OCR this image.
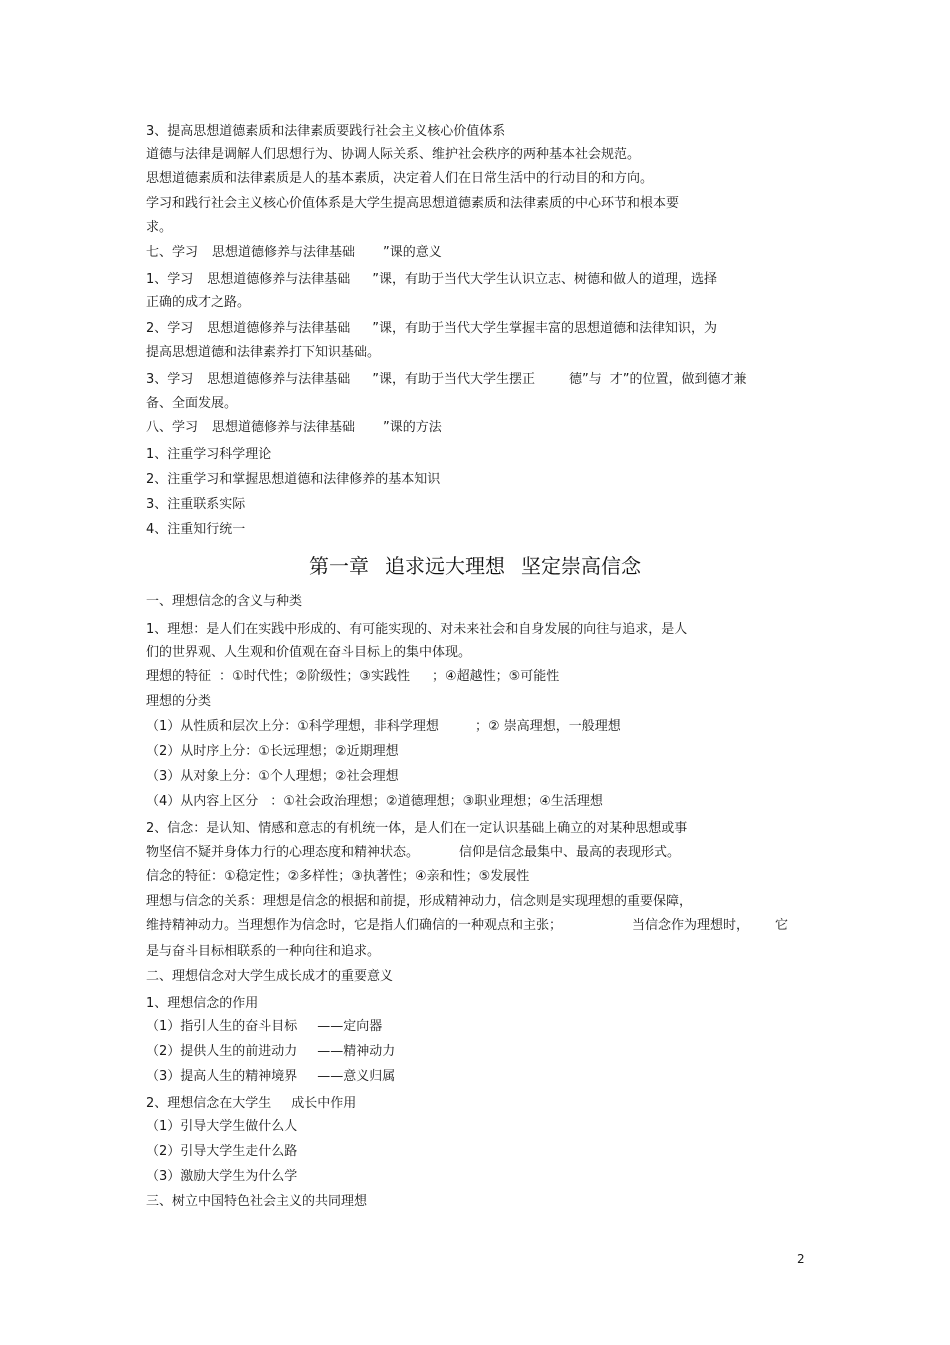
3、提高思想道德素质和法律素质要践行社会主义核心价值体系
道德与法律是调解人们思想行为、协调人际关系、维护社会秩序的两种基本社会规范。
思想道德素质和法律素质是人的基本素质，决定着人们在日常生活中的行动目的和方向。
学习和践行社会主义核心价值体系是大学生提高思想道德素质和法律素质的中心环节和根本要
求。
七、学习 思想道德修养与法律基础 ”课的意义
1、学习 思想道德修养与法律基础 ”课，有助于当代大学生认识立志、树德和做人的道理，选择
正确的成才之路。
2、学习 思想道德修养与法律基础 ”课，有助于当代大学生掌握丰富的思想道德和法律知识，为
提高思想道德和法律素养打下知识基础。
3、学习 思想道德修养与法律基础 ”课，有助于当代大学生摆正	德”与 才”的位置，做到德才兼
备、全面发展。
八、学习 思想道德修养与法律基础 ”课的方法
1、注重学习科学理论
2、注重学习和掌握思想道德和法律修养的基本知识
3、注重联系实际
4、注重知行统一
第一章 追求远大理想 坚定崇高信念
一、理想信念的含义与种类
1、理想：是人们在实践中形成的、有可能实现的、对未来社会和自身发展的向往与追求，是人
们的世界观、人生观和价值观在奋斗目标上的集中体现。
理想的特征 ：①时代性；②阶级性；③实践性 ；④超越性；⑤可能性
理想的分类
（1）从性质和层次上分：①科学理想，非科学理想	；② 崇高理想，一般理想
（2）从时序上分：①长远理想；②近期理想
（3）从对象上分：①个人理想；②社会理想
（4）从内容上区分 ：①社会政治理想；②道德理想；③职业理想；④生活理想
2、信念：是认知、情感和意志的有机统一体，是人们在一定认识基础上确立的对某种思想或事
物坚信不疑并身体力行的心理态度和精神状态。	信仰是信念最集中、最高的表现形式。
信念的特征：①稳定性；②多样性；③执著性；④亲和性；⑤发展性
理想与信念的关系：理想是信念的根据和前提，形成精神动力，信念则是实现理想的重要保障，
维持精神动力。当理想作为信念时，它是指人们确信的一种观点和主张；	当信念作为理想时， 它
是与奋斗目标相联系的一种向往和追求。
二、理想信念对大学生成长成才的重要意义
1、理想信念的作用
（1）指引人生的奋斗目标 ——定向器
（2）提供人生的前进动力 ——精神动力
（3）提高人生的精神境界 ——意义归属
2、理想信念在大学生 成长中作用
（1）引导大学生做什么人
（2）引导大学生走什么路
（3）激励大学生为什么学
三、树立中国特色社会主义的共同理想
2
